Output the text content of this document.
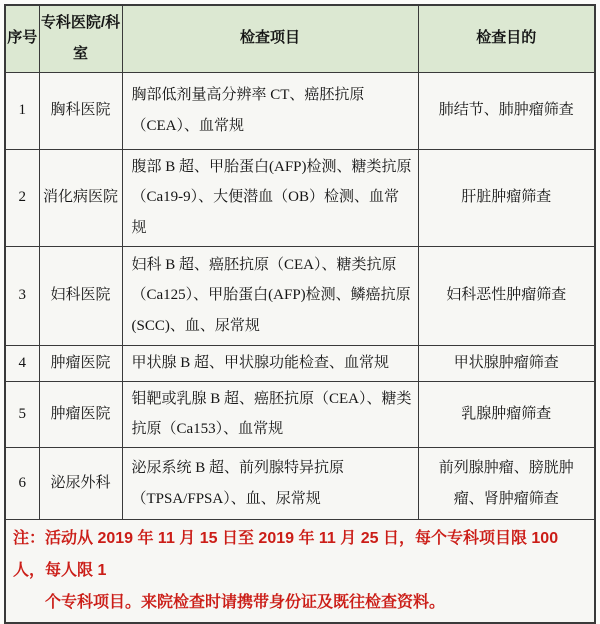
序号	专科医院/科室	检查项目	检查目的
1	胸科医院	胸部低剂量高分辨率 CT、癌胚抗原（CEA）、血常规	肺结节、肺肿瘤筛查
2	消化病医院	腹部 B 超、甲胎蛋白(AFP)检测、糖类抗原（Ca19-9）、大便潜血（OB）检测、血常规	肝脏肿瘤筛查
3	妇科医院	妇科 B 超、癌胚抗原（CEA）、糖类抗原（Ca125）、甲胎蛋白(AFP)检测、鳞癌抗原(SCC)、血、尿常规	妇科恶性肿瘤筛查
4	肿瘤医院	甲状腺 B 超、甲状腺功能检查、血常规	甲状腺肿瘤筛查
5	肿瘤医院	钼靶或乳腺 B 超、癌胚抗原（CEA）、糖类抗原（Ca153）、血常规	乳腺肿瘤筛查
6	泌尿外科	泌尿系统 B 超、前列腺特异抗原（TPSA/FPSA）、血、尿常规	前列腺肿瘤、膀胱肿瘤、肾肿瘤筛查

注：活动从 2019 年 11 月 15 日至 2019 年 11 月 25 日，每个专科项目限 100 人，每人限 1
个专科项目。来院检查时请携带身份证及既往检查资料。			
